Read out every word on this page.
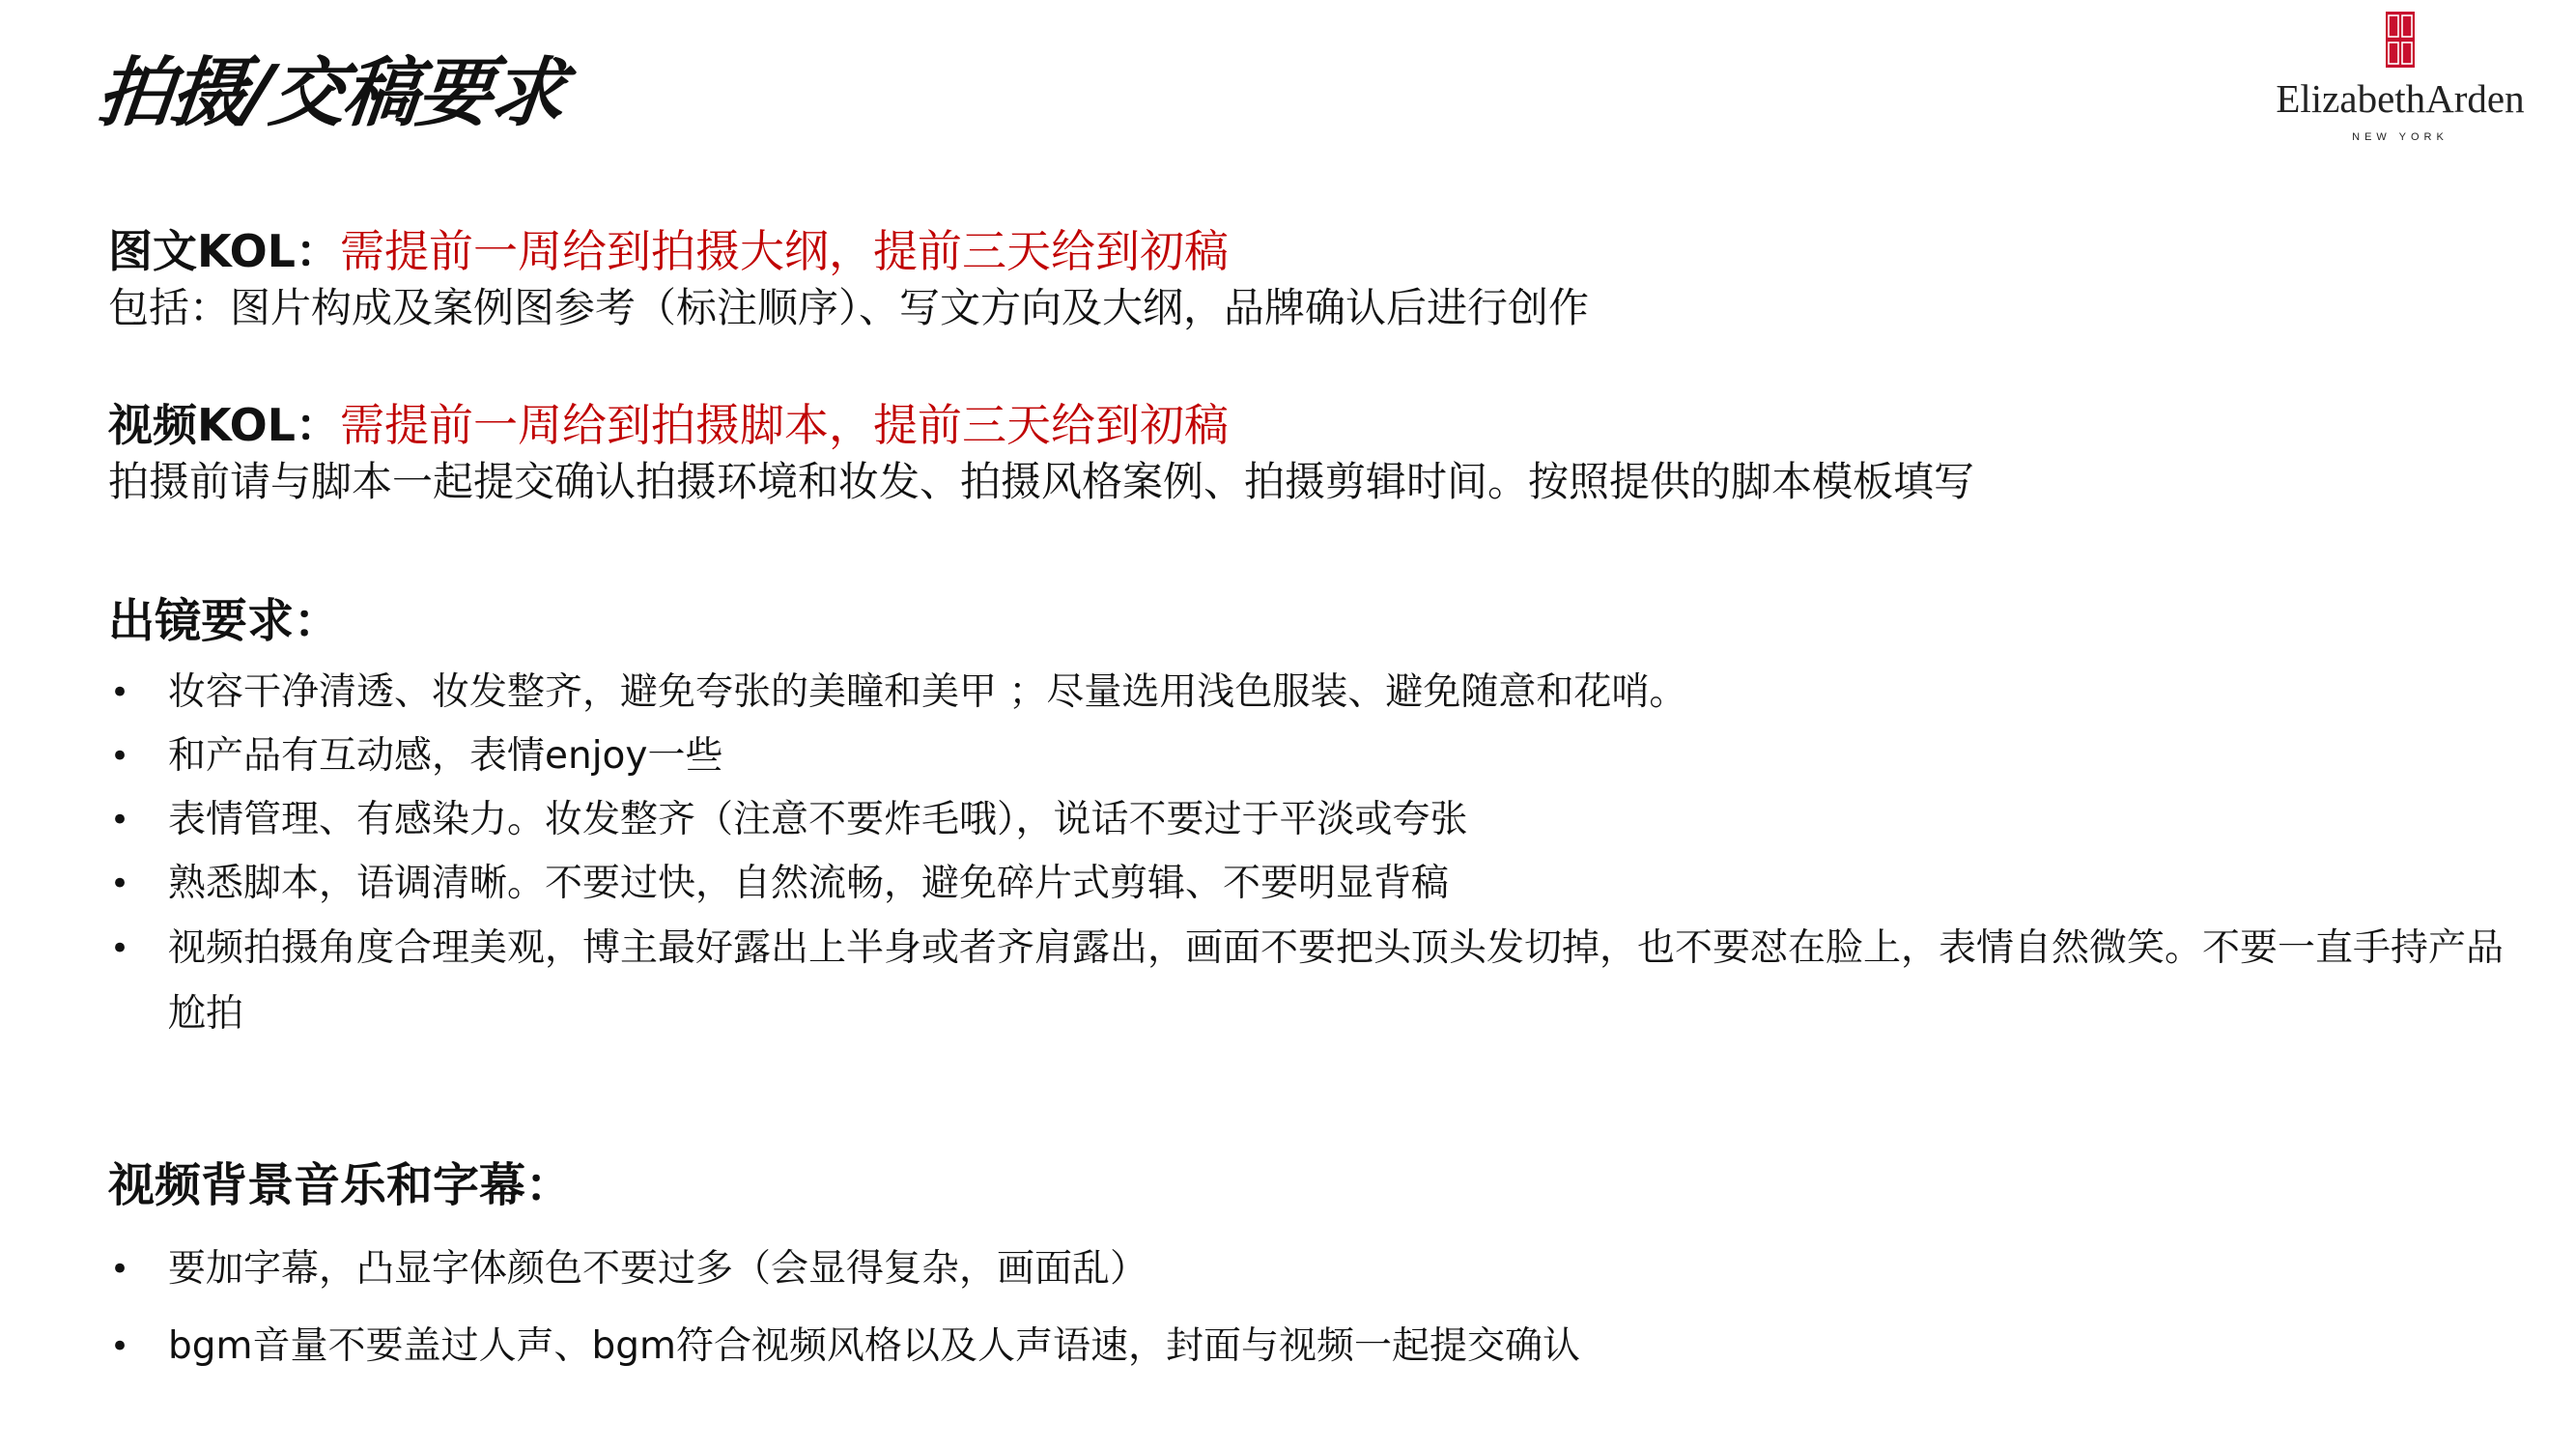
拍摄/交稿要求	ElizabethArden
NEW YORK
图文KOL：需提前一周给到拍摄大纲，提前三天给到初稿
包括：图片构成及案例图参考（标注顺序）、写文方向及大纲，品牌确认后进行创作
视频KOL：需提前一周给到拍摄脚本，提前三天给到初稿
拍摄前请与脚本一起提交确认拍摄环境和妆发、拍摄风格案例、拍摄剪辑时间。按照提供的脚本模板填写
出镜要求：
• 妆容干净清透、妆发整齐，避免夸张的美瞳和美甲 ；尽量选用浅色服装、避免随意和花哨。
• 和产品有互动感，表情enjoy一些
• 表情管理、有感染力。妆发整齐（注意不要炸毛哦），说话不要过于平淡或夸张
• 熟悉脚本，语调清晰。不要过快，自然流畅，避免碎片式剪辑、不要明显背稿
• 视频拍摄角度合理美观，博主最好露出上半身或者齐肩露出，画面不要把头顶头发切掉，也不要怼在脸上，表情自然微笑。不要一直手持产品尬拍
视频背景音乐和字幕：
• 要加字幕，凸显字体颜色不要过多（会显得复杂，画面乱）
• bgm音量不要盖过人声、bgm符合视频风格以及人声语速，封面与视频一起提交确认
